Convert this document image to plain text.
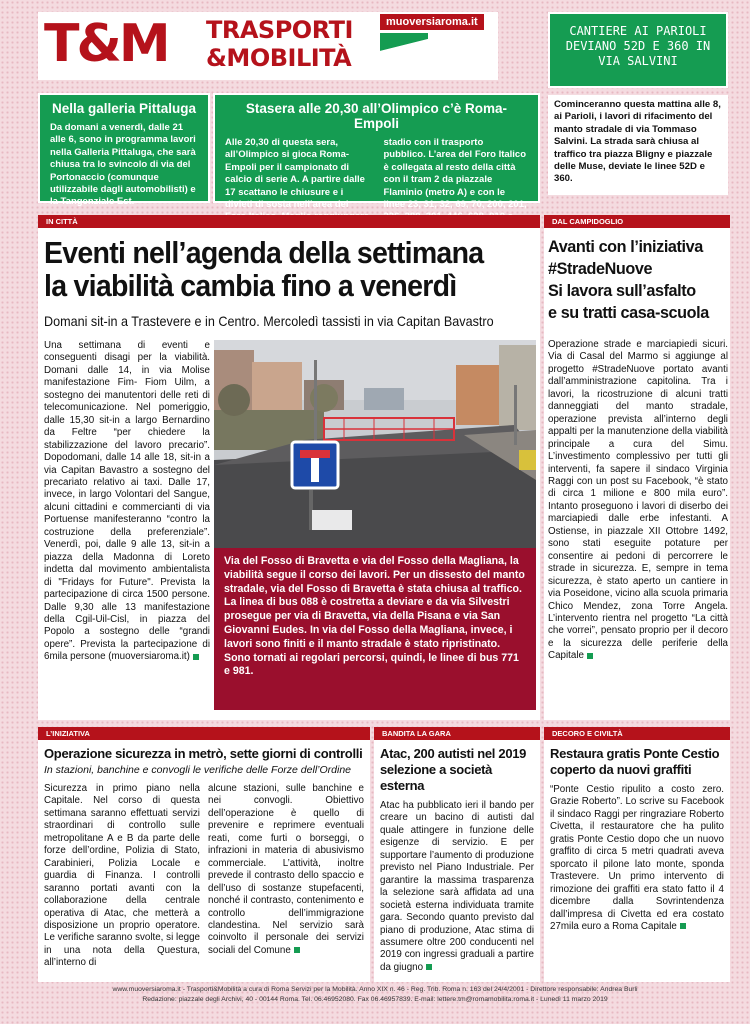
T&M TRASPORTI
&MOBILITÀ
muoversiaroma.it
CANTIERE AI PARIOLI DEVIANO 52D E 360 IN VIA SALVINI
Cominceranno questa mattina alle 8, ai Parioli, i lavori di rifacimento del manto stradale di via Tommaso Salvini. La strada sarà chiusa al traffico tra piazza Bligny e piazzale delle Muse, deviate le linee 52D e 360.
Nella galleria Pittaluga

Da domani a venerdì, dalle 21 alle 6, sono in programma lavori nella Galleria Pittaluga, che sarà chiusa tra lo svincolo di via del Portonaccio (comunque utilizzabile dagli automobilisti) e la Tangenziale Est.

Stasera alle 20,30 all’Olimpico c’è Roma-Empoli

Alle 20,30 di questa sera, all’Olimpico si gioca Roma-Empoli per il campionato di calcio di serie A. A partire dalle 17 scattano le chiusure e i divieti di sosta nell’area del

stadio con il trasporto pubblico. L’area del Foro Italico è collegata al resto della città con il tram 2 da piazzale Flaminio (metro A) e con le linee 23, 31, 32, 69, 70, 200, 201,

IN CITTÀ
Eventi nell’agenda della settimana
la viabilità cambia fino a venerdì
Domani sit-in a Trastevere e in Centro. Mercoledì tassisti in via Capitan Bavastro
Una settimana di eventi e conseguenti disagi per la viabilità. Domani dalle 14, in via Molise manifestazione Fim- Fiom Uilm, a sostegno dei manutentori delle reti di telecomunicazione. Nel pomeriggio, dalle 15,30 sit-in a largo Bernardino da Feltre “per chiedere la stabilizzazione del lavoro precario”. Dopodomani, dalle 14 alle 18, sit-in a via Capitan Bavastro a sostegno del precariato relativo ai taxi. Dalle 17, invece, in largo Volontari del Sangue, alcuni cittadini e commercianti di via Portuense manifesteranno “contro la costruzione della preferenziale”. Venerdì, poi, dalle 9 alle 13, sit-in a piazza della Madonna di Loreto indetta dal movimento ambientalista di "Fridays for Future". Prevista la partecipazione di circa 1500 persone. Dalle 9,30 alle 13 manifestazione della Cgil-Uil-Cisl, in piazza del Popolo a sostegno delle “grandi opere”. Prevista la partecipazione di 6mila persone (muoversiaroma.it)
Via del Fosso di Bravetta e via del Fosso della Magliana, la viabilità segue il corso dei lavori. Per un dissesto del manto stradale, via del Fosso di Bravetta è stata chiusa al traffico. La linea di bus 088 è costretta a deviare e da via Silvestri prosegue per via di Bravetta, via della Pisana e via San Giovanni Eudes. In via del Fosso della Magliana, invece, i lavori sono finiti e il manto stradale è stato ripristinato. Sono tornati ai regolari percorsi, quindi, le linee di bus 771 e 981.
DAL CAMPIDOGLIO
Avanti con l’iniziativa
#StradeNuove
Si lavora sull’asfalto
e su tratti casa-scuola
Operazione strade e marciapiedi sicuri. Via di Casal del Marmo si aggiunge al progetto #StradeNuove portato avanti dall’amministrazione capitolina. Tra i lavori, la ricostruzione di alcuni tratti danneggiati del manto stradale, operazione prevista all’interno degli appalti per la manutenzione della viabilità principale a cura del Simu. L’investimento complessivo per tutti gli interventi, fa sapere il sindaco Virginia Raggi con un post su Facebook, “è stato di circa 1 milione e 800 mila euro”. Intanto proseguono i lavori di diserbo dei marciapiedi dalle erbe infestanti. A Ostiense, in piazzale XII Ottobre 1492, sono stati eseguite potature per consentire ai pedoni di percorrere le strade in sicurezza. E, sempre in tema sicurezza, è stato aperto un cantiere in via Poseidone, vicino alla scuola primaria Chico Mendez, zona Torre Angela. L’intervento rientra nel progetto “La città che vorrei”, pensato proprio per il decoro e la sicurezza delle periferie della Capitale
L’INIZIATIVA
Operazione sicurezza in metrò, sette giorni di controlli
In stazioni, banchine e convogli le verifiche delle Forze dell’Ordine
Sicurezza in primo piano nella Capitale. Nel corso di questa settimana saranno effettuati servizi straordinari di controllo sulle metropolitane A e B da parte delle forze dell’ordine, Polizia di Stato, Carabinieri, Polizia Locale e guardia di Finanza. I controlli saranno portati avanti con la collaborazione della centrale operativa di Atac, che metterà a disposizione un proprio operatore. Le verifiche saranno svolte, si legge in una nota della Questura, all’interno di
alcune stazioni, sulle banchine e nei convogli. Obiettivo dell’operazione è quello di prevenire e reprimere eventuali reati, come furti o borseggi, o infrazioni in materia di abusivismo commerciale. L’attività, inoltre prevede il contrasto dello spaccio e dell’uso di sostanze stupefacenti, nonché il contrasto, contenimento e controllo dell’immigrazione clandestina. Nel servizio sarà coinvolto il personale dei servizi sociali del Comune
BANDITA LA GARA
Atac, 200 autisti nel 2019 selezione a società esterna
Atac ha pubblicato ieri il bando per creare un bacino di autisti dal quale attingere in funzione delle esigenze di servizio. E per supportare l’aumento di produzione previsto nel Piano Industriale. Per garantire la massima trasparenza la selezione sarà affidata ad una società esterna individuata tramite gara. Secondo quanto previsto dal piano di produzione, Atac stima di assumere oltre 200 conducenti nel 2019 con ingressi graduali a partire da giugno
DECORO E CIVILTÀ
Restaura gratis Ponte Cestio coperto da nuovi graffiti
“Ponte Cestio ripulito a costo zero. Grazie Roberto”. Lo scrive su Facebook il sindaco Raggi per ringraziare Roberto Civetta, il restauratore che ha pulito gratis Ponte Cestio dopo che un nuovo graffito di circa 5 metri quadrati aveva sporcato il pilone lato monte, sponda Trastevere. Un primo intervento di rimozione dei graffiti era stato fatto il 4 dicembre dalla Sovrintendenza dall’impresa di Civetta ed era costato 27mila euro a Roma Capitale
www.muoversiaroma.it - Trasporti&Mobilità a cura di Roma Servizi per la Mobilità. Anno XIX n. 46 - Reg. Trib. Roma n. 163 del 24/4/2001 - Direttore responsabile: Andrea Burli
Redazione: piazzale degli Archivi, 40 - 00144 Roma. Tel. 06.46952080. Fax 06.46957839. E-mail: lettere.tm@romamobilita.roma.it - Lunedì 11 marzo 2019
